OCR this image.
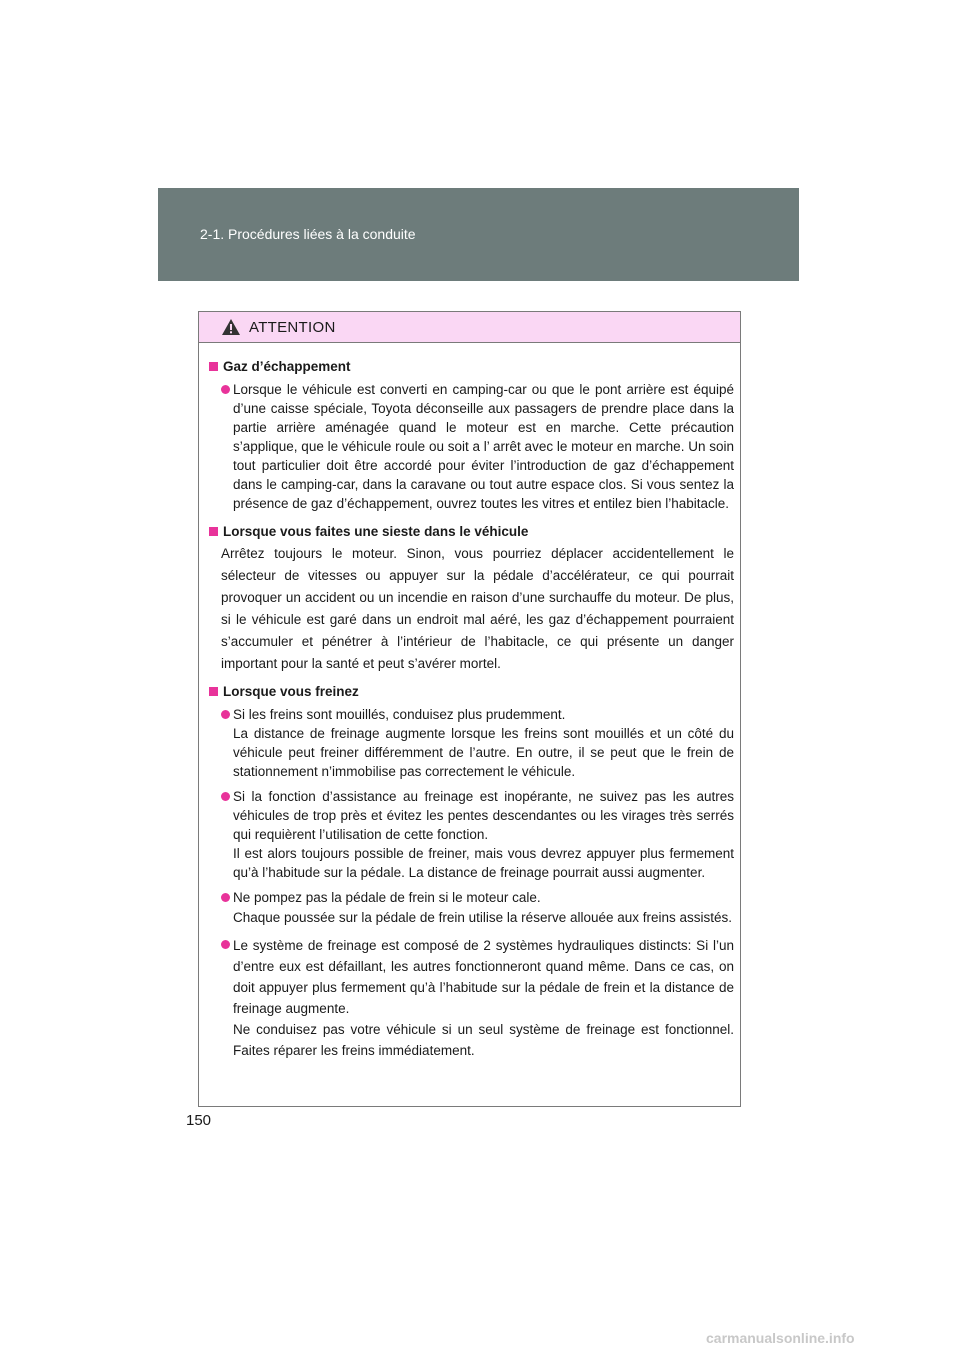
2-1. Procédures liées à la conduite
ATTENTION
Gaz d’échappement
Lorsque le véhicule est converti en camping-car ou que le pont arrière est équipé d’une caisse spéciale, Toyota déconseille aux passagers de prendre place dans la partie arrière aménagée quand le moteur est en marche. Cette précaution s’applique, que le véhicule roule ou soit a l’ arrêt avec le moteur en marche. Un soin tout particulier doit être accordé pour éviter l’introduction de gaz d’échappement dans le camping-car, dans la caravane ou tout autre espace clos. Si vous sentez la présence de gaz d’échappement, ouvrez toutes les vitres et entilez bien l’habitacle.
Lorsque vous faites une sieste dans le véhicule
Arrêtez toujours le moteur. Sinon, vous pourriez déplacer accidentellement le sélecteur de vitesses ou appuyer sur la pédale d’accélérateur, ce qui pourrait provoquer un accident ou un incendie en raison d’une surchauffe du moteur. De plus, si le véhicule est garé dans un endroit mal aéré, les gaz d’échappement pourraient s’accumuler et pénétrer à l’intérieur de l’habitacle, ce qui présente un danger important pour la santé et peut s’avérer mortel.
Lorsque vous freinez
Si les freins sont mouillés, conduisez plus prudemment.
La distance de freinage augmente lorsque les freins sont mouillés et un côté du véhicule peut freiner différemment de l’autre. En outre, il se peut que le frein de stationnement n’immobilise pas correctement le véhicule.
Si la fonction d’assistance au freinage est inopérante, ne suivez pas les autres véhicules de trop près et évitez les pentes descendantes ou les virages très serrés qui requièrent l’utilisation de cette fonction.
Il est alors toujours possible de freiner, mais vous devrez appuyer plus fermement qu’à l’habitude sur la pédale. La distance de freinage pourrait aussi augmenter.
Ne pompez pas la pédale de frein si le moteur cale.
Chaque poussée sur la pédale de frein utilise la réserve allouée aux freins assistés.
Le système de freinage est composé de 2 systèmes hydrauliques distincts: Si l’un d’entre eux est défaillant, les autres fonctionneront quand même. Dans ce cas, on doit appuyer plus fermement qu’à l’habitude sur la pédale de frein et la distance de freinage augmente.
Ne conduisez pas votre véhicule si un seul système de freinage est fonctionnel. Faites réparer les freins immédiatement.
150
carmanualsonline.info
